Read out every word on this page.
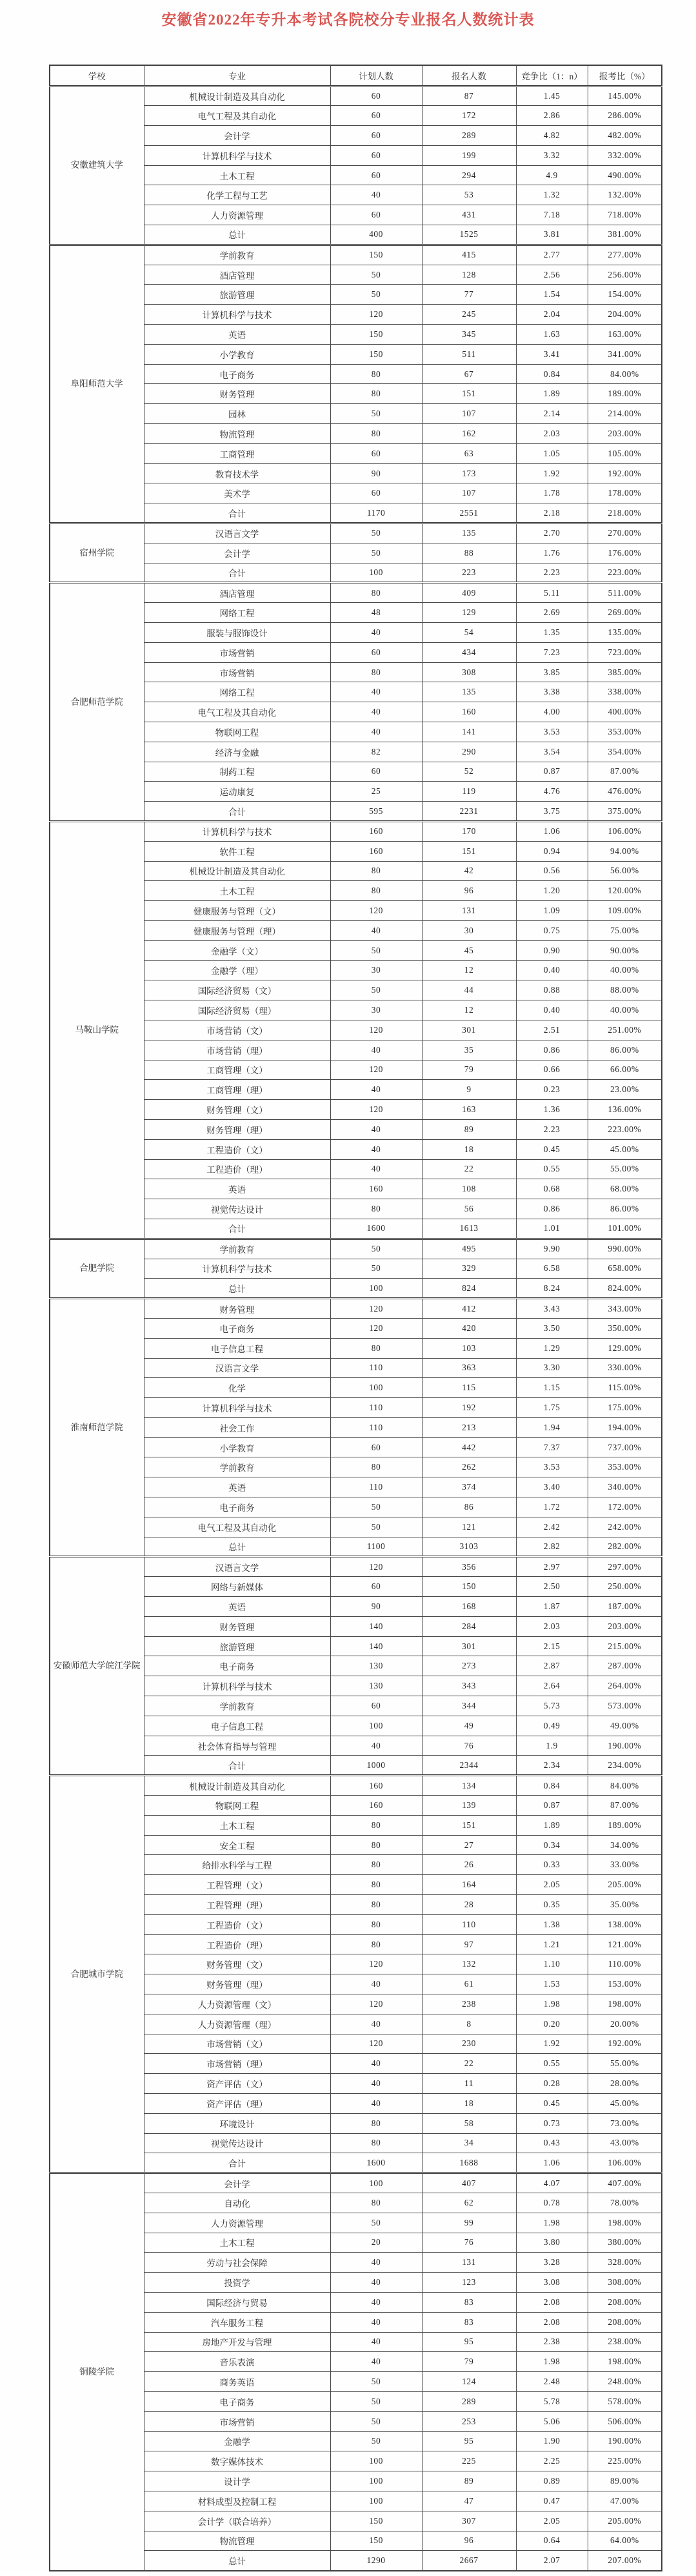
安徽省2022年专升本考试各院校分专业报名人数统计表
学校	专业	计划人数	报名人数	竞争比（1：n）	报考比（%）
安徽建筑大学	机械设计制造及其自动化	60	87	1.45	145.00%
	电气工程及其自动化	60	172	2.86	286.00%
	会计学	60	289	4.82	482.00%
	计算机科学与技术	60	199	3.32	332.00%
	土木工程	60	294	4.9	490.00%
	化学工程与工艺	40	53	1.32	132.00%
	人力资源管理	60	431	7.18	718.00%
	总计	400	1525	3.81	381.00%
阜阳师范大学	学前教育	150	415	2.77	277.00%
	酒店管理	50	128	2.56	256.00%
	旅游管理	50	77	1.54	154.00%
	计算机科学与技术	120	245	2.04	204.00%
	英语	150	345	1.63	163.00%
	小学教育	150	511	3.41	341.00%
	电子商务	80	67	0.84	84.00%
	财务管理	80	151	1.89	189.00%
	园林	50	107	2.14	214.00%
	物流管理	80	162	2.03	203.00%
	工商管理	60	63	1.05	105.00%
	教育技术学	90	173	1.92	192.00%
	美术学	60	107	1.78	178.00%
	合计	1170	2551	2.18	218.00%
宿州学院	汉语言文学	50	135	2.70	270.00%
	会计学	50	88	1.76	176.00%
	合计	100	223	2.23	223.00%
合肥师范学院	酒店管理	80	409	5.11	511.00%
	网络工程	48	129	2.69	269.00%
	服装与服饰设计	40	54	1.35	135.00%
	市场营销	60	434	7.23	723.00%
	市场营销	80	308	3.85	385.00%
	网络工程	40	135	3.38	338.00%
	电气工程及其自动化	40	160	4.00	400.00%
	物联网工程	40	141	3.53	353.00%
	经济与金融	82	290	3.54	354.00%
	制药工程	60	52	0.87	87.00%
	运动康复	25	119	4.76	476.00%
	合计	595	2231	3.75	375.00%
马鞍山学院	计算机科学与技术	160	170	1.06	106.00%
	软件工程	160	151	0.94	94.00%
	机械设计制造及其自动化	80	42	0.56	56.00%
	土木工程	80	96	1.20	120.00%
	健康服务与管理（文）	120	131	1.09	109.00%
	健康服务与管理（理）	40	30	0.75	75.00%
	金融学（文）	50	45	0.90	90.00%
	金融学（理）	30	12	0.40	40.00%
	国际经济贸易（文）	50	44	0.88	88.00%
	国际经济贸易（理）	30	12	0.40	40.00%
	市场营销（文）	120	301	2.51	251.00%
	市场营销（理）	40	35	0.86	86.00%
	工商管理（文）	120	79	0.66	66.00%
	工商管理（理）	40	9	0.23	23.00%
	财务管理（文）	120	163	1.36	136.00%
	财务管理（理）	40	89	2.23	223.00%
	工程造价（文）	40	18	0.45	45.00%
	工程造价（理）	40	22	0.55	55.00%
	英语	160	108	0.68	68.00%
	视觉传达设计	80	56	0.86	86.00%
	合计	1600	1613	1.01	101.00%
合肥学院	学前教育	50	495	9.90	990.00%
	计算机科学与技术	50	329	6.58	658.00%
	总计	100	824	8.24	824.00%
淮南师范学院	财务管理	120	412	3.43	343.00%
	电子商务	120	420	3.50	350.00%
	电子信息工程	80	103	1.29	129.00%
	汉语言文学	110	363	3.30	330.00%
	化学	100	115	1.15	115.00%
	计算机科学与技术	110	192	1.75	175.00%
	社会工作	110	213	1.94	194.00%
	小学教育	60	442	7.37	737.00%
	学前教育	80	262	3.53	353.00%
	英语	110	374	3.40	340.00%
	电子商务	50	86	1.72	172.00%
	电气工程及其自动化	50	121	2.42	242.00%
	总计	1100	3103	2.82	282.00%
安徽师范大学皖江学院	汉语言文学	120	356	2.97	297.00%
	网络与新媒体	60	150	2.50	250.00%
	英语	90	168	1.87	187.00%
	财务管理	140	284	2.03	203.00%
	旅游管理	140	301	2.15	215.00%
	电子商务	130	273	2.87	287.00%
	计算机科学与技术	130	343	2.64	264.00%
	学前教育	60	344	5.73	573.00%
	电子信息工程	100	49	0.49	49.00%
	社会体育指导与管理	40	76	1.9	190.00%
	合计	1000	2344	2.34	234.00%
合肥城市学院	机械设计制造及其自动化	160	134	0.84	84.00%
	物联网工程	160	139	0.87	87.00%
	土木工程	80	151	1.89	189.00%
	安全工程	80	27	0.34	34.00%
	给排水科学与工程	80	26	0.33	33.00%
	工程管理（文）	80	164	2.05	205.00%
	工程管理（理）	80	28	0.35	35.00%
	工程造价（文）	80	110	1.38	138.00%
	工程造价（理）	80	97	1.21	121.00%
	财务管理（文）	120	132	1.10	110.00%
	财务管理（理）	40	61	1.53	153.00%
	人力资源管理（文）	120	238	1.98	198.00%
	人力资源管理（理）	40	8	0.20	20.00%
	市场营销（文）	120	230	1.92	192.00%
	市场营销（理）	40	22	0.55	55.00%
	资产评估（文）	40	11	0.28	28.00%
	资产评估（理）	40	18	0.45	45.00%
	环境设计	80	58	0.73	73.00%
	视觉传达设计	80	34	0.43	43.00%
	合计	1600	1688	1.06	106.00%
铜陵学院	会计学	100	407	4.07	407.00%
	自动化	80	62	0.78	78.00%
	人力资源管理	50	99	1.98	198.00%
	土木工程	20	76	3.80	380.00%
	劳动与社会保障	40	131	3.28	328.00%
	投资学	40	123	3.08	308.00%
	国际经济与贸易	40	83	2.08	208.00%
	汽车服务工程	40	83	2.08	208.00%
	房地产开发与管理	40	95	2.38	238.00%
	音乐表演	40	79	1.98	198.00%
	商务英语	50	124	2.48	248.00%
	电子商务	50	289	5.78	578.00%
	市场营销	50	253	5.06	506.00%
	金融学	50	95	1.90	190.00%
	数字媒体技术	100	225	2.25	225.00%
	设计学	100	89	0.89	89.00%
	材料成型及控制工程	100	47	0.47	47.00%
	会计学（联合培养）	150	307	2.05	205.00%
	物流管理	150	96	0.64	64.00%
	总计	1290	2667	2.07	207.00%
